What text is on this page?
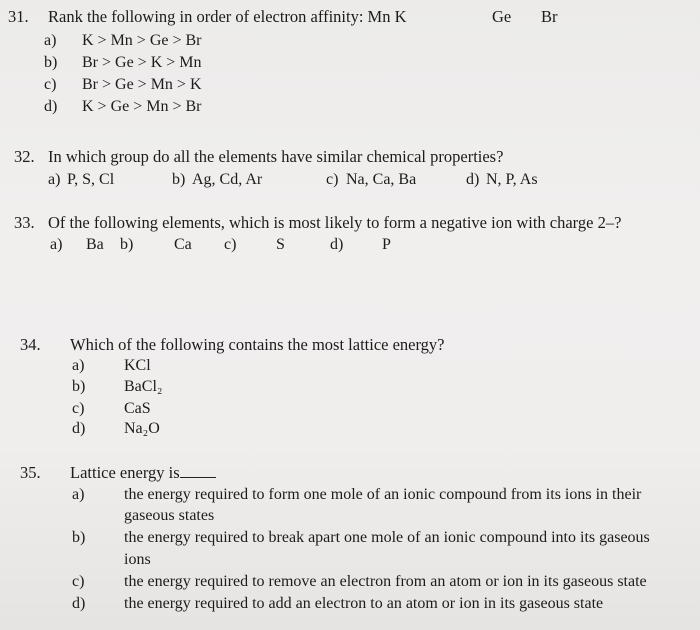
31. Rank the following in order of electron affinity: Mn K	Ge Br
a) K > Mn > Ge > Br
b) Br > Ge > K > Mn
c) Br > Ge > Mn > K
d) K > Ge > Mn > Br
32. In which group do all the elements have similar chemical properties?
a) P, S, Cl	b) Ag, Cd, Ar	c) Na, Ca, Ba	d) N, P, As
33. Of the following elements, which is most likely to form a negative ion with charge 2–?
a) Ba b)	Ca c) S	d) P
34. Which of the following contains the most lattice energy?
a) KCl
b) BaCl₂
c) CaS
d) Na₂O
35. Lattice energy is
a) the energy required to form one mole of an ionic compound from its ions in their
gaseous states
b) the energy required to break apart one mole of an ionic compound into its gaseous
ions
c) the energy required to remove an electron from an atom or ion in its gaseous state
d) the energy required to add an electron to an atom or ion in its gaseous state
